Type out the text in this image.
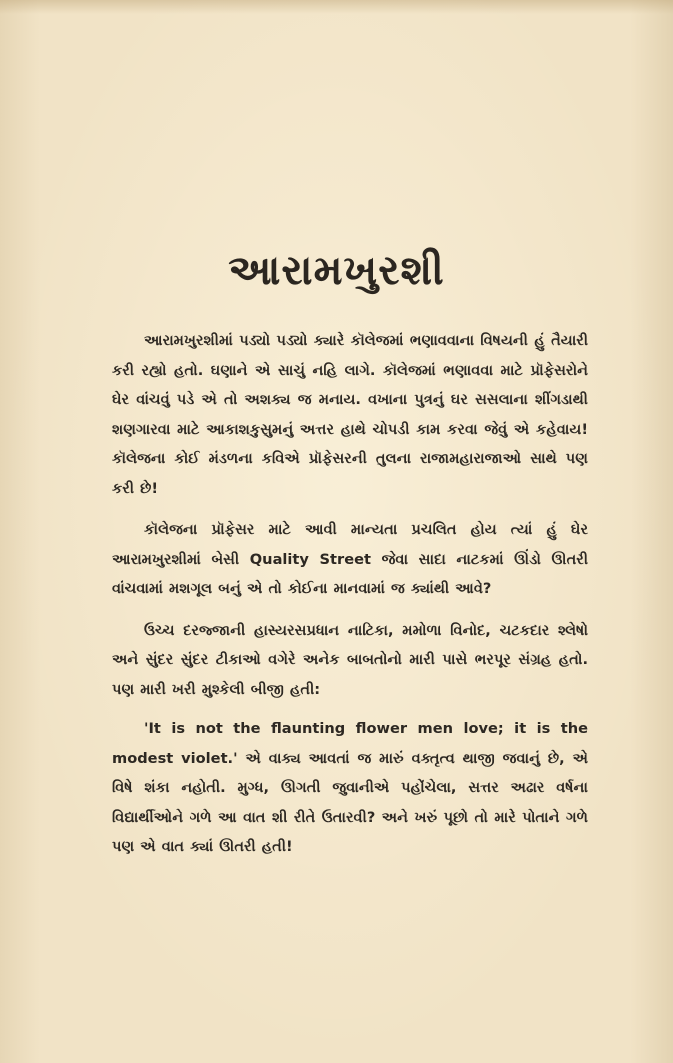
આરામખુરશી

આરામખુરશીમાં પડ્યો પડ્યો ક્યારે કૉલેજમાં ભણાવવાના વિષયની હું તૈયારી કરી રહ્યો હતો. ઘણાને એ સાચું નહિ લાગે. કૉલેજમાં ભણાવવા માટે પ્રૉફેસરોને ઘેર વાંચવું પડે એ તો અશક્ય જ મનાય. વખાના પુત્રનું ઘર સસલાના શીંગડાથી શણગારવા માટે આકાશકુસુમનું અત્તર હાથે ચોપડી કામ કરવા જેવું એ કહેવાય! કૉલેજના કોઈ મંડળના કવિએ પ્રૉફેસરની તુલના રાજામહારાજાઓ સાથે પણ કરી છે!

કૉલેજના પ્રૉફેસર માટે આવી માન્યતા પ્રચલિત હોય ત્યાં હું ઘેર આરામખુરશીમાં બેસી Quality Street જેવા સાદા નાટકમાં ઊંડો ઊતરી વાંચવામાં મશગૂલ બનું એ તો કોઈના માનવામાં જ ક્યાંથી આવે?

ઉચ્ચ દરજ્જાની હાસ્યરસપ્રધાન નાટિકા, મમોળા વિનોદ, ચટકદાર શ્લેષો અને સુંદર સુંદર ટીકાઓ વગેરે અનેક બાબતોનો મારી પાસે ભરપૂર સંગ્રહ હતો. પણ મારી ખરી મુશ્કેલી બીજી હતી:

'It is not the flaunting flower men love; it is the modest violet.' એ વાક્ય આવતાં જ મારું વક્તૃત્વ થાજી જવાનું છે, એ વિષે શંકા નહોતી. મુગ્ધ, ઊગતી જુવાનીએ પહોંચેલા, સત્તર અઢાર વર્ષના વિદ્યાર્થીઓને ગળે આ વાત શી રીતે ઉતારવી? અને ખરું પૂછો તો મારે પોતાને ગળે પણ એ વાત ક્યાં ઊતરી હતી!
